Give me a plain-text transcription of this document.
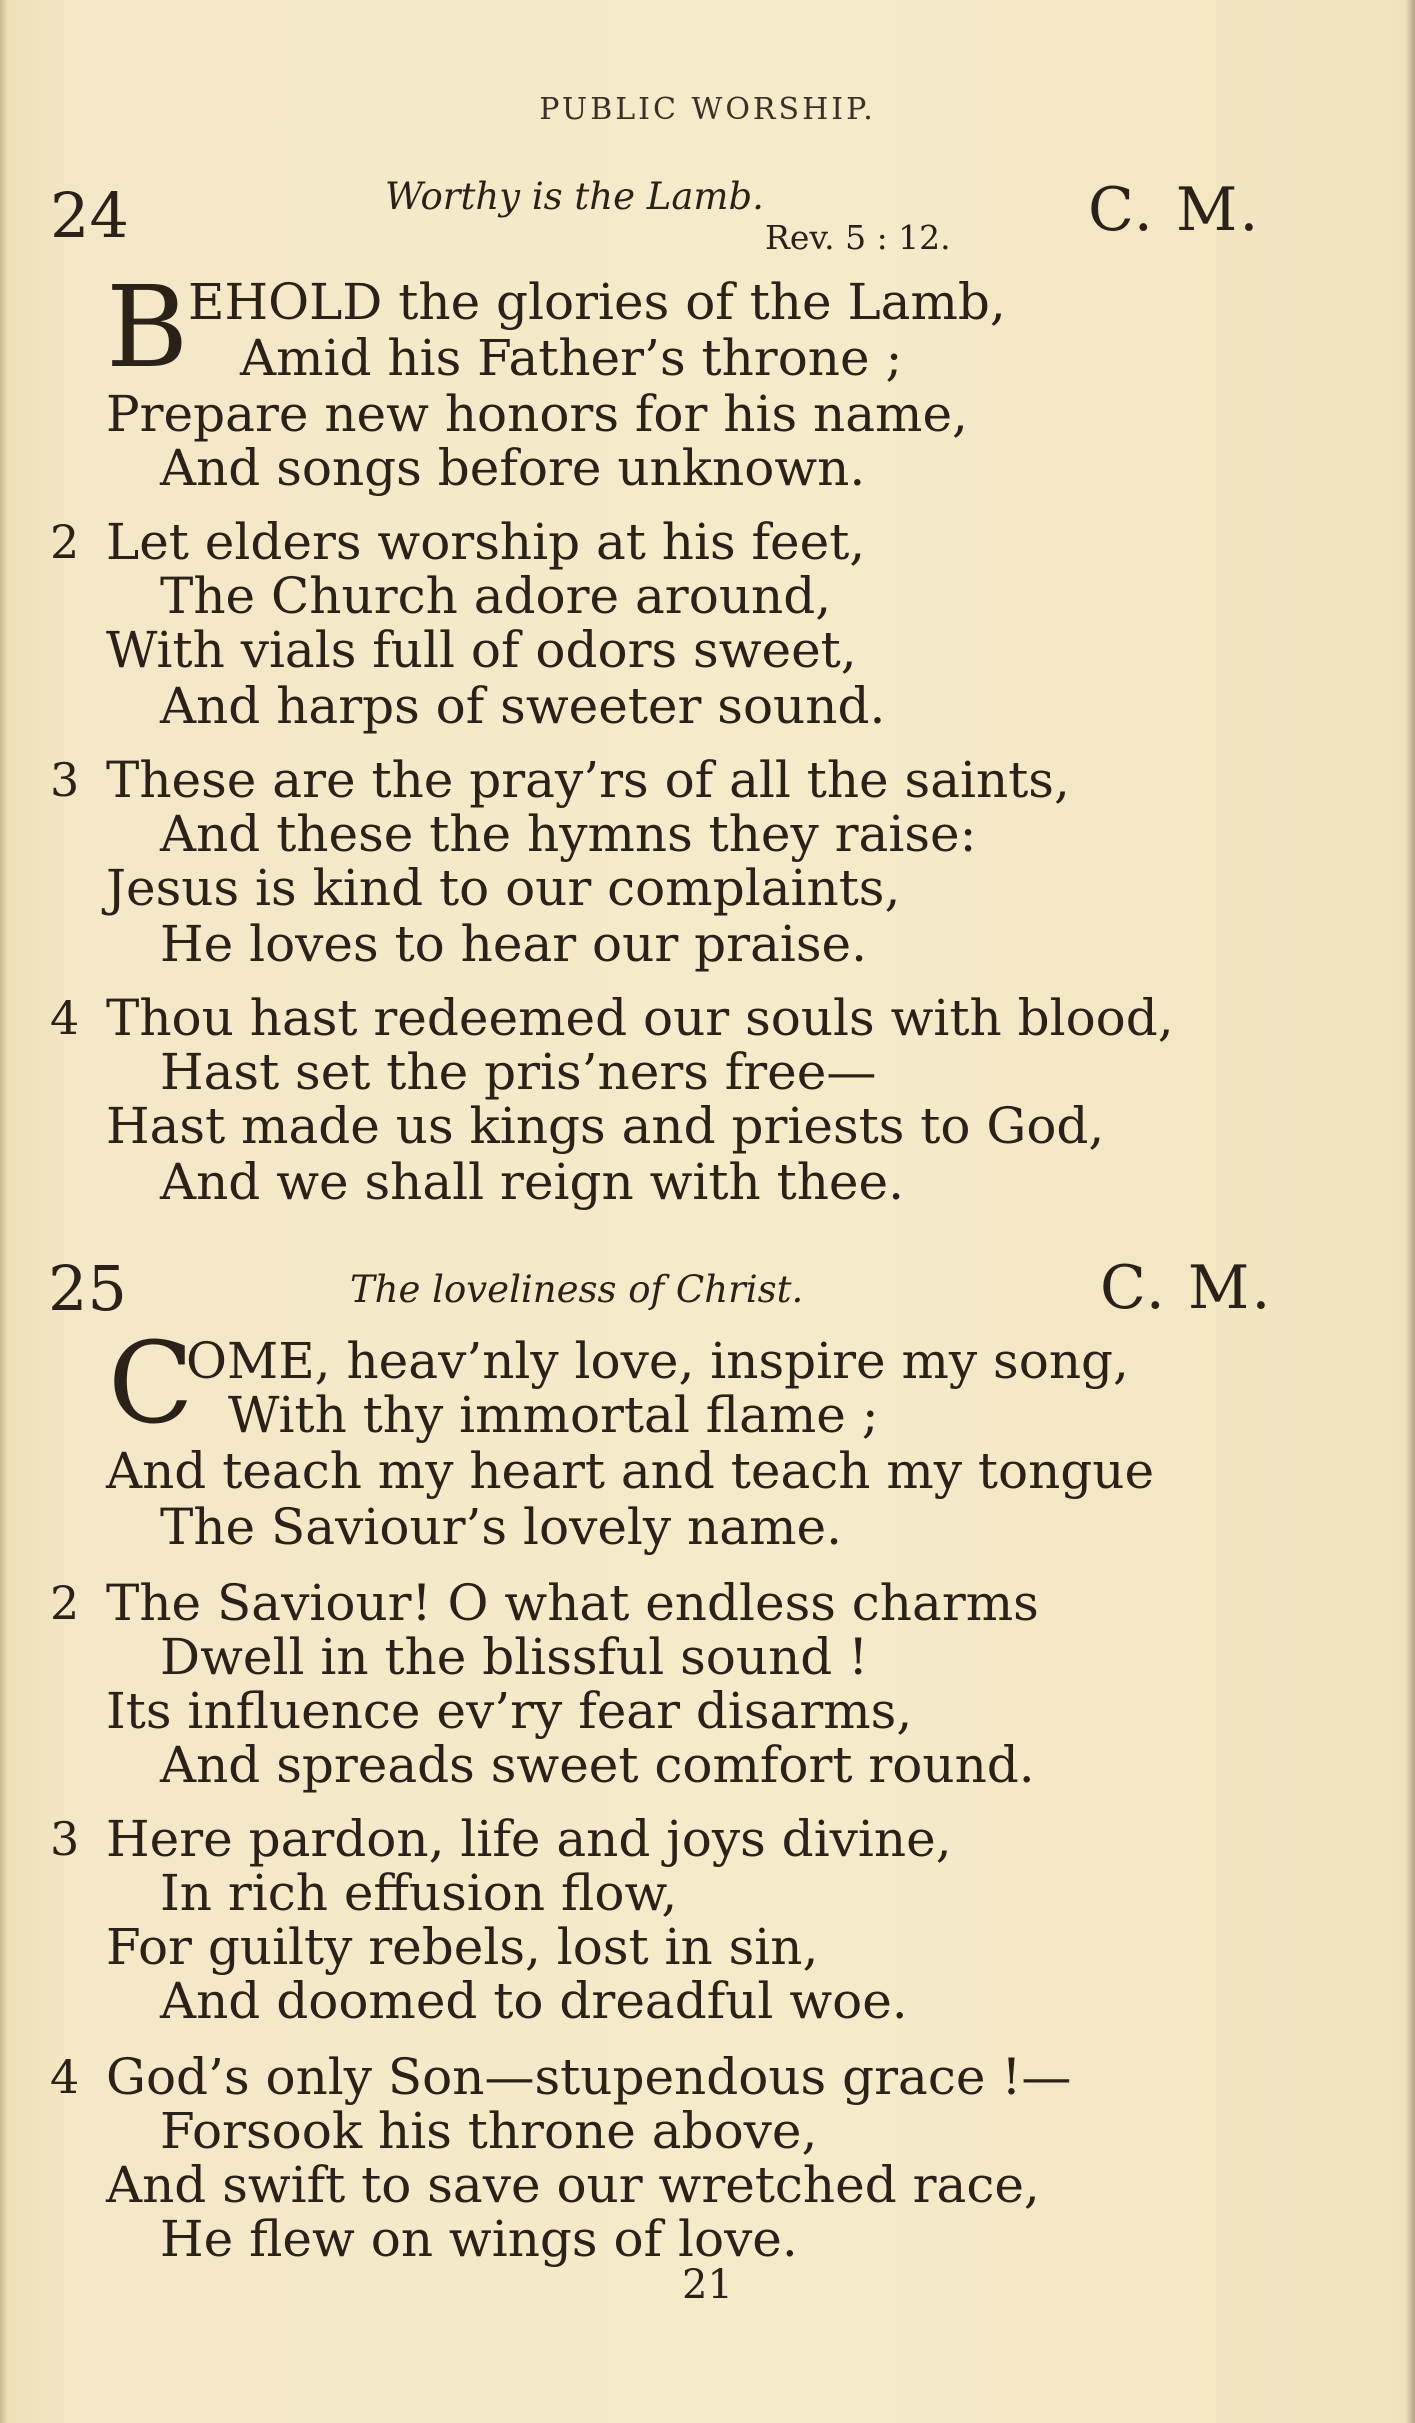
PUBLIC WORSHIP.
24	Worthy is the Lamb.
Rev. 5 : 12. C. M.
B EHOLD the glories of the Lamb,
Amid his Father’s throne ;
Prepare new honors for his name,
And songs before unknown.
2 Let elders worship at his feet,
The Church adore around,
With vials full of odors sweet,
And harps of sweeter sound.
3 These are the pray’rs of all the saints,
And these the hymns they raise:
Jesus is kind to our complaints,
He loves to hear our praise.
4 Thou hast redeemed our souls with blood,
Hast set the pris’ners free—
Hast made us kings and priests to God,
And we shall reign with thee.
25	The loveliness of Christ.	C. M.
C
OME, heav’nly love, inspire my song,
With thy immortal flame ;
And teach my heart and teach my tongue
The Saviour’s lovely name.
2 The Saviour! O what endless charms
Dwell in the blissful sound !
Its influence ev’ry fear disarms,
And spreads sweet comfort round.
3 Here pardon, life and joys divine,
In rich effusion flow,
For guilty rebels, lost in sin,
And doomed to dreadful woe.
4 God’s only Son—stupendous grace !—
Forsook his throne above,
And swift to save our wretched race,
He flew on wings of love.
21
